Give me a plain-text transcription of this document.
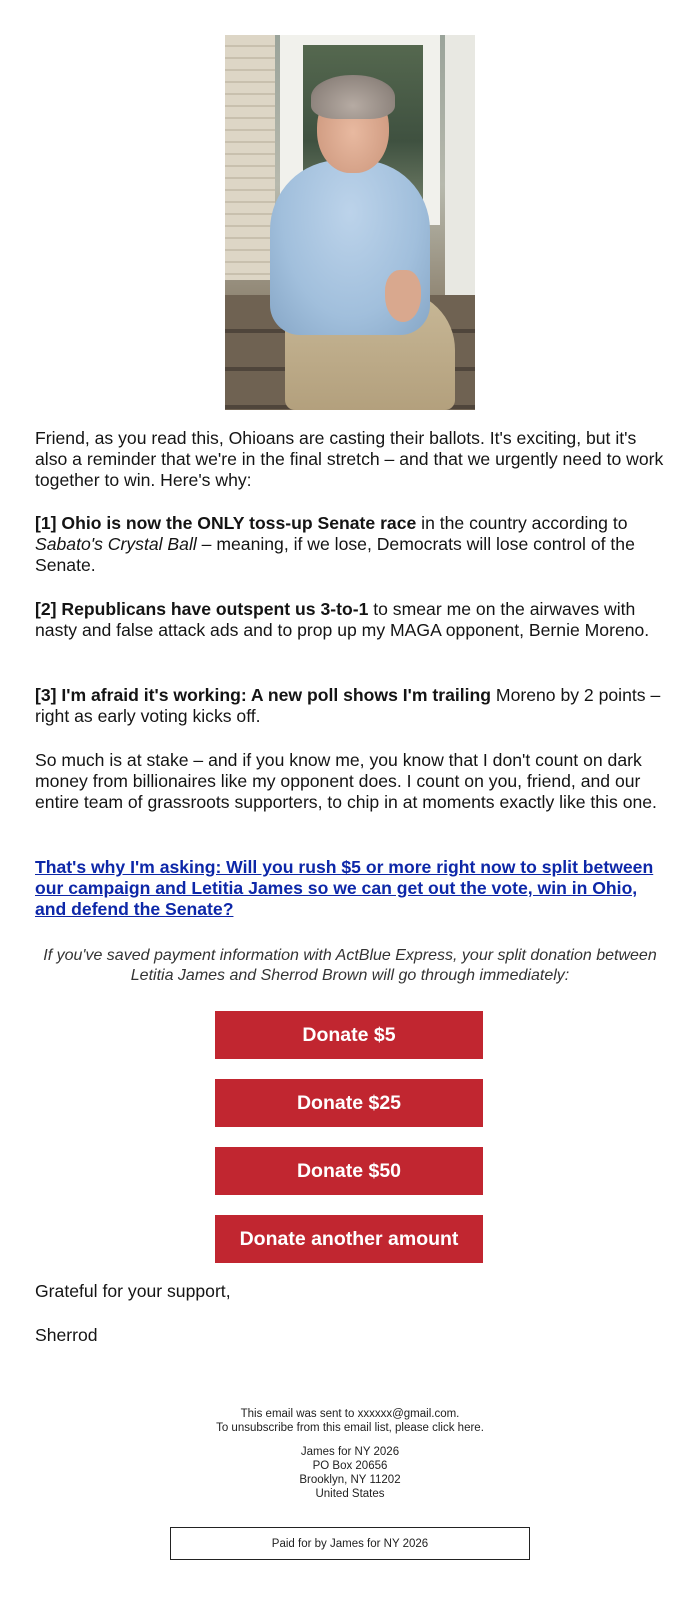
Friend, as you read this, Ohioans are casting their ballots. It's exciting, but it's also a reminder that we're in the final stretch – and that we urgently need to work together to win. Here's why:

[1] Ohio is now the ONLY toss-up Senate race in the country according to Sabato's Crystal Ball – meaning, if we lose, Democrats will lose control of the Senate.

[2] Republicans have outspent us 3-to-1 to smear me on the airwaves with nasty and false attack ads and to prop up my MAGA opponent, Bernie Moreno.

[3] I'm afraid it's working: A new poll shows I'm trailing Moreno by 2 points – right as early voting kicks off.

So much is at stake – and if you know me, you know that I don't count on dark money from billionaires like my opponent does. I count on you, friend, and our entire team of grassroots supporters, to chip in at moments exactly like this one.

That's why I'm asking: Will you rush $5 or more right now to split between our campaign and Letitia James so we can get out the vote, win in Ohio, and defend the Senate?

If you've saved payment information with ActBlue Express, your split donation between Letitia James and Sherrod Brown will go through immediately:

Donate $5
Donate $25
Donate $50
Donate another amount

Grateful for your support,

Sherrod

This email was sent to xxxxxx@gmail.com.
To unsubscribe from this email list, please click here.
James for NY 2026
PO Box 20656
Brooklyn, NY 11202
United States
Paid for by James for NY 2026
